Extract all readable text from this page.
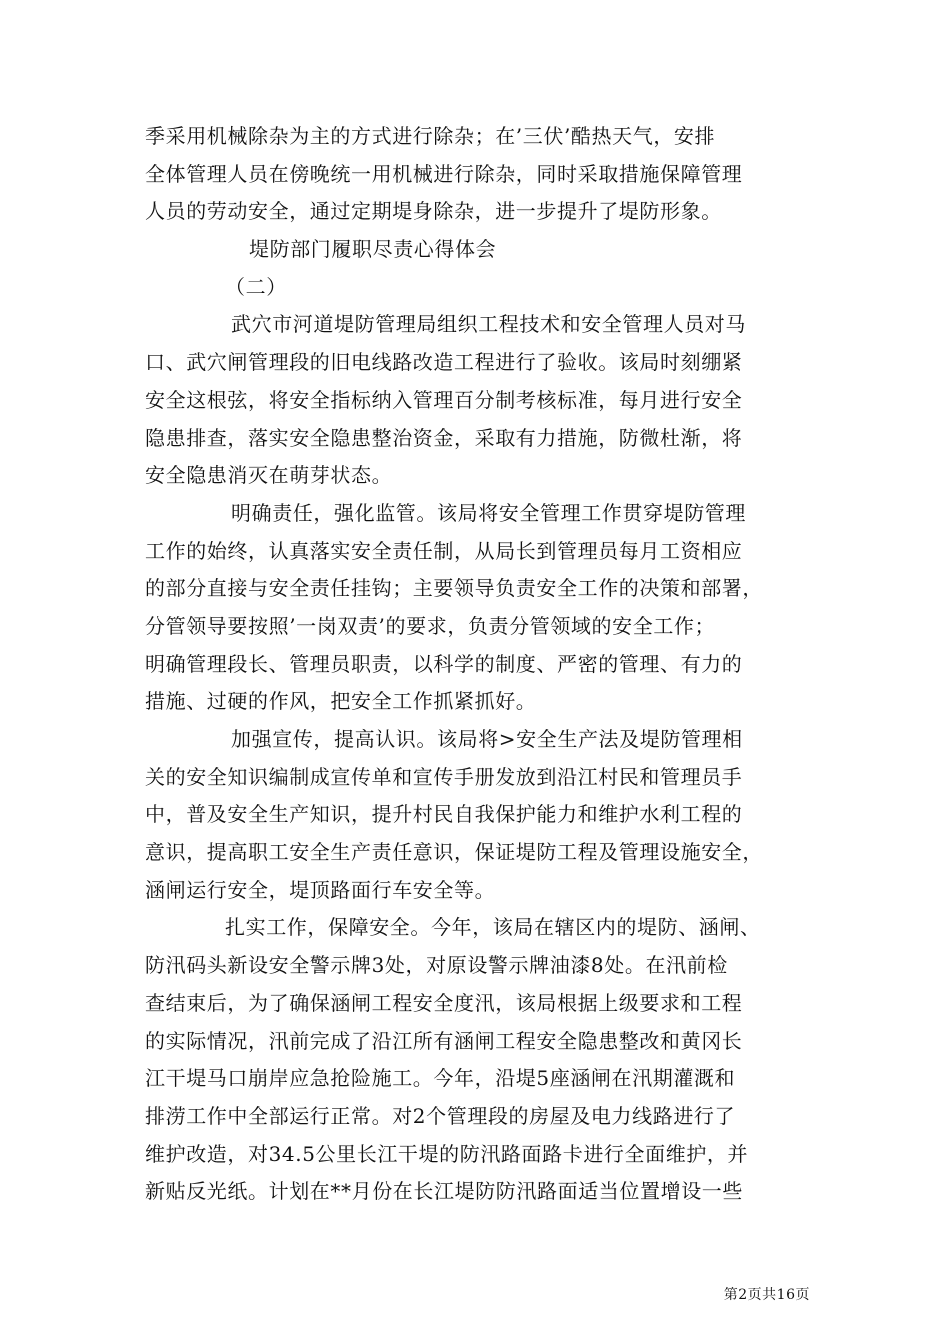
季采用机械除杂为主的方式进行除杂；在’三伏’酷热天气，安排
全体管理人员在傍晚统一用机械进行除杂，同时采取措施保障管理
人员的劳动安全，通过定期堤身除杂，进一步提升了堤防形象。
堤防部门履职尽责心得体会
（二）
武穴市河道堤防管理局组织工程技术和安全管理人员对马
口、武穴闸管理段的旧电线路改造工程进行了验收。该局时刻绷紧
安全这根弦，将安全指标纳入管理百分制考核标准，每月进行安全
隐患排查，落实安全隐患整治资金，采取有力措施，防微杜渐，将
安全隐患消灭在萌芽状态。
明确责任，强化监管。该局将安全管理工作贯穿堤防管理
工作的始终，认真落实安全责任制，从局长到管理员每月工资相应
的部分直接与安全责任挂钩；主要领导负责安全工作的决策和部署，
分管领导要按照’一岗双责’的要求，负责分管领域的安全工作；
明确管理段长、管理员职责，以科学的制度、严密的管理、有力的
措施、过硬的作风，把安全工作抓紧抓好。
加强宣传，提高认识。该局将>安全生产法及堤防管理相
关的安全知识编制成宣传单和宣传手册发放到沿江村民和管理员手
中，普及安全生产知识，提升村民自我保护能力和维护水利工程的
意识，提高职工安全生产责任意识，保证堤防工程及管理设施安全，
涵闸运行安全，堤顶路面行车安全等。
扎实工作，保障安全。今年，该局在辖区内的堤防、涵闸、
防汛码头新设安全警示牌3处，对原设警示牌油漆8处。在汛前检
查结束后，为了确保涵闸工程安全度汛，该局根据上级要求和工程
的实际情况，汛前完成了沿江所有涵闸工程安全隐患整改和黄冈长
江干堤马口崩岸应急抢险施工。今年，沿堤5座涵闸在汛期灌溉和
排涝工作中全部运行正常。对2个管理段的房屋及电力线路进行了
维护改造，对34.5公里长江干堤的防汛路面路卡进行全面维护，并
新贴反光纸。计划在**月份在长江堤防防汛路面适当位置增设一些
第2页共16页
